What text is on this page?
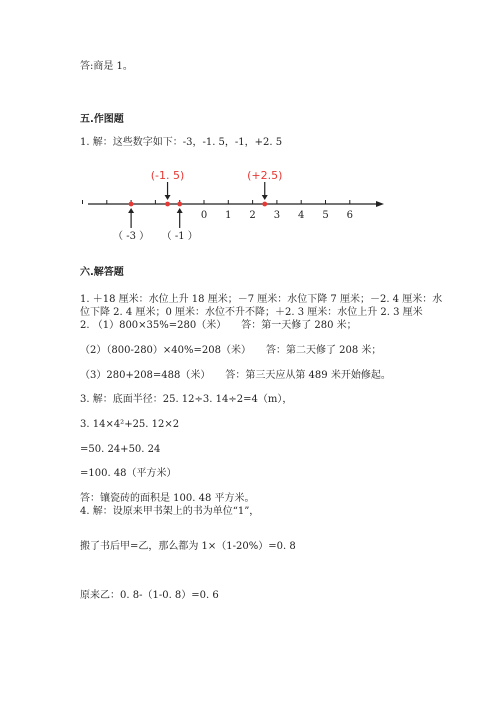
答:商是 1。
五.作图题
1. 解：这些数字如下：-3，-1. 5，-1，+2. 5
0 1 2 3 4 5 6
（ -3 ）
(-1. 5)
（ -1 ）
(+2.5)
六.解答题
1. ＋18 厘米：水位上升 18 厘米；－7 厘米：水位下降 7 厘米；－2. 4 厘米：水
位下降 2. 4 厘米；0 厘米：水位不升不降；＋2. 3 厘米：水位上升 2. 3 厘米
2. （1）800×35%=280（米）　　答：第一天修了 280 米；
（2）（800-280）×40%=208（米）　　答：第二天修了 208 米；
（3）280+208=488（米）　　答：第三天应从第 489 米开始修起。
3. 解：底面半径：25. 12÷3. 14÷2=4（m），
3. 14×4²+25. 12×2
=50. 24+50. 24
=100. 48（平方米）
答：镶瓷砖的面积是 100. 48 平方米。
4. 解：设原来甲书架上的书为单位“1”，
搬了书后甲=乙，那么都为 1×（1-20%）=0. 8
原来乙：0. 8-（1-0. 8）=0. 6
